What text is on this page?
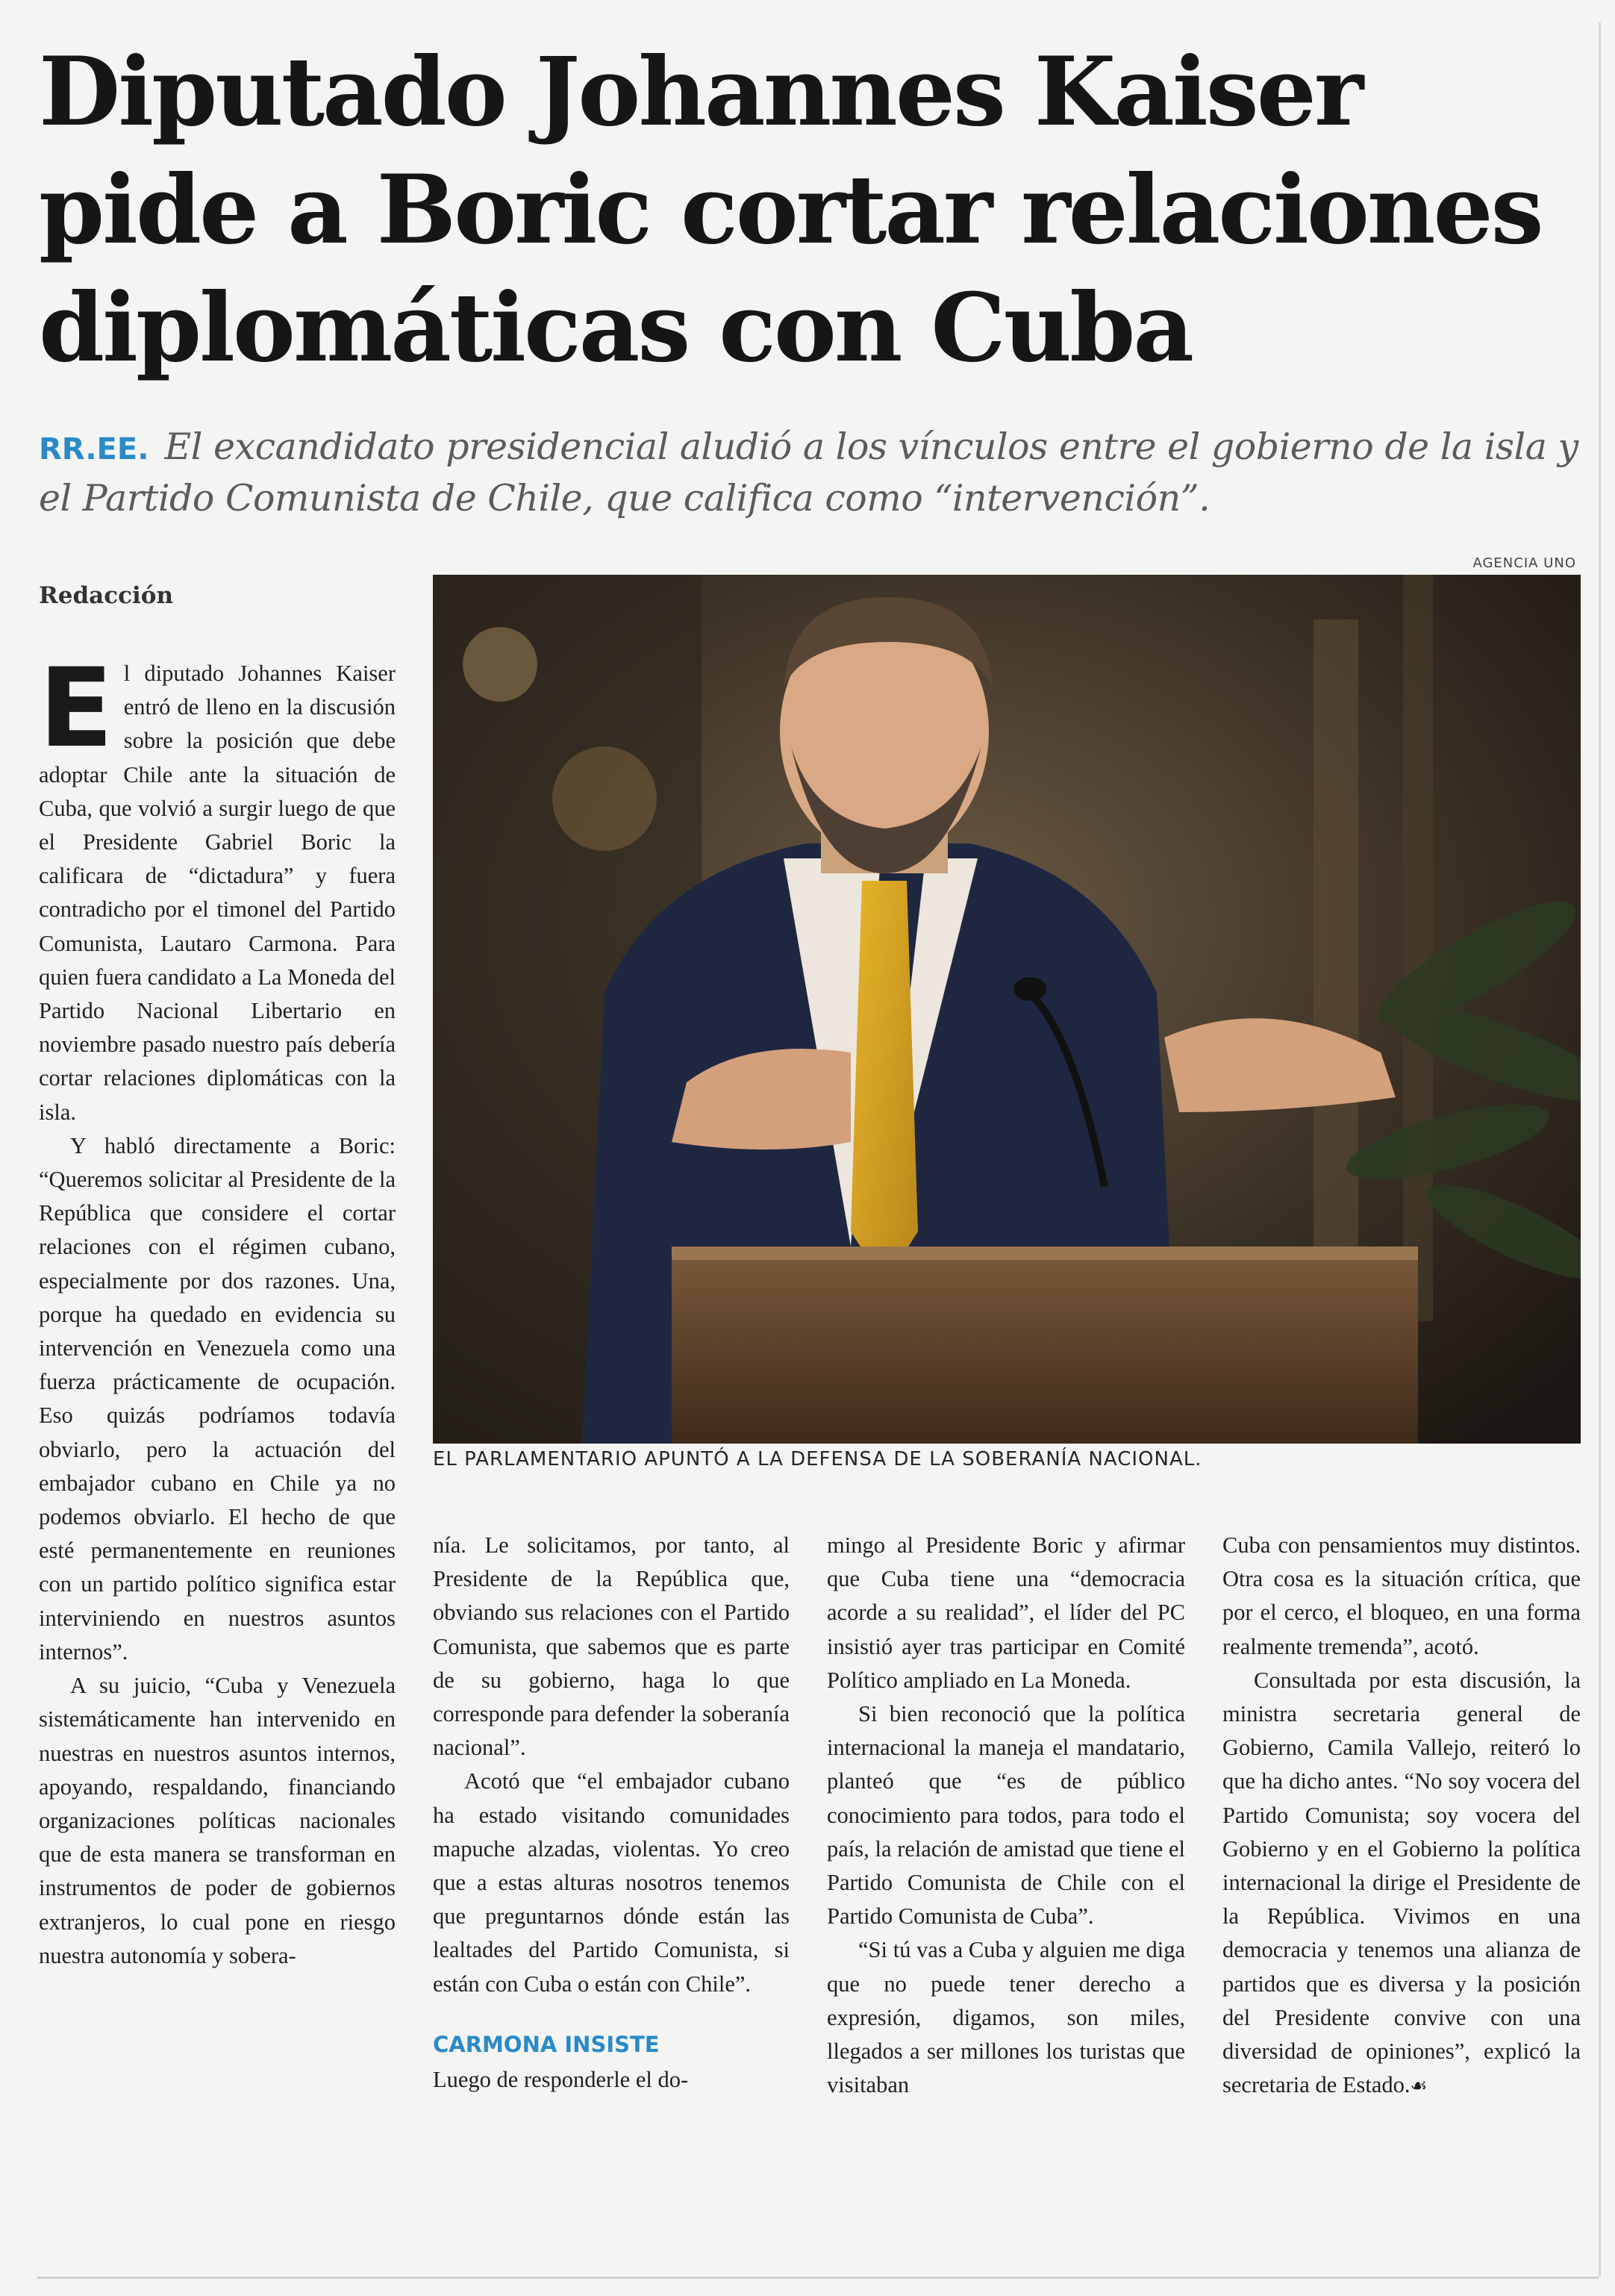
Diputado Johannes Kaiser
pide a Boric cortar relaciones
diplomáticas con Cuba
RR.EE. El excandidato presidencial aludió a los vínculos entre el gobierno de la isla y el Partido Comunista de Chile, que califica como “intervención”.
AGENCIA UNO
EL PARLAMENTARIO APUNTÓ A LA DEFENSA DE LA SOBERANÍA NACIONAL.
Redacción

El diputado Johannes Kaiser entró de lleno en la discusión sobre la posición que debe adoptar Chile ante la situación de Cuba, que volvió a surgir luego de que el Presidente Gabriel Boric la calificara de “dictadura” y fuera contradicho por el timonel del Partido Comunista, Lautaro Carmona. Para quien fuera candidato a La Moneda del Partido Nacional Libertario en noviembre pasado nuestro país debería cortar relaciones diplomáticas con la isla.

Y habló directamente a Boric: “Queremos solicitar al Presidente de la República que considere el cortar relaciones con el régimen cubano, especialmente por dos razones. Una, porque ha quedado en evidencia su intervención en Venezuela como una fuerza prácticamente de ocupación. Eso quizás podríamos todavía obviarlo, pero la actuación del embajador cubano en Chile ya no podemos obviarlo. El hecho de que esté permanentemente en reuniones con un partido político significa estar interviniendo en nuestros asuntos internos”.

A su juicio, “Cuba y Venezuela sistemáticamente han intervenido en nuestras en nuestros asuntos internos, apoyando, respaldando, financiando organizaciones políticas nacionales que de esta manera se transforman en instrumentos de poder de gobiernos extranjeros, lo cual pone en riesgo nuestra autonomía y sobera-

nía. Le solicitamos, por tanto, al Presidente de la República que, obviando sus relaciones con el Partido Comunista, que sabemos que es parte de su gobierno, haga lo que corresponde para defender la soberanía nacional”.

Acotó que “el embajador cubano ha estado visitando comunidades mapuche alzadas, violentas. Yo creo que a estas alturas nosotros tenemos que preguntarnos dónde están las lealtades del Partido Comunista, si están con Cuba o están con Chile”.

CARMONA INSISTE

Luego de responderle el do-

mingo al Presidente Boric y afirmar que Cuba tiene una “democracia acorde a su realidad”, el líder del PC insistió ayer tras participar en Comité Político ampliado en La Moneda.

Si bien reconoció que la política internacional la maneja el mandatario, planteó que “es de público conocimiento para todos, para todo el país, la relación de amistad que tiene el Partido Comunista de Chile con el Partido Comunista de Cuba”.

“Si tú vas a Cuba y alguien me diga que no puede tener derecho a expresión, digamos, son miles, llegados a ser millones los turistas que visitaban

Cuba con pensamientos muy distintos. Otra cosa es la situación crítica, que por el cerco, el bloqueo, en una forma realmente tremenda”, acotó.

Consultada por esta discusión, la ministra secretaria general de Gobierno, Camila Vallejo, reiteró lo que ha dicho antes. “No soy vocera del Partido Comunista; soy vocera del Gobierno y en el Gobierno la política internacional la dirige el Presidente de la República. Vivimos en una democracia y tenemos una alianza de partidos que es diversa y la posición del Presidente convive con una diversidad de opiniones”, explicó la secretaria de Estado.☙
